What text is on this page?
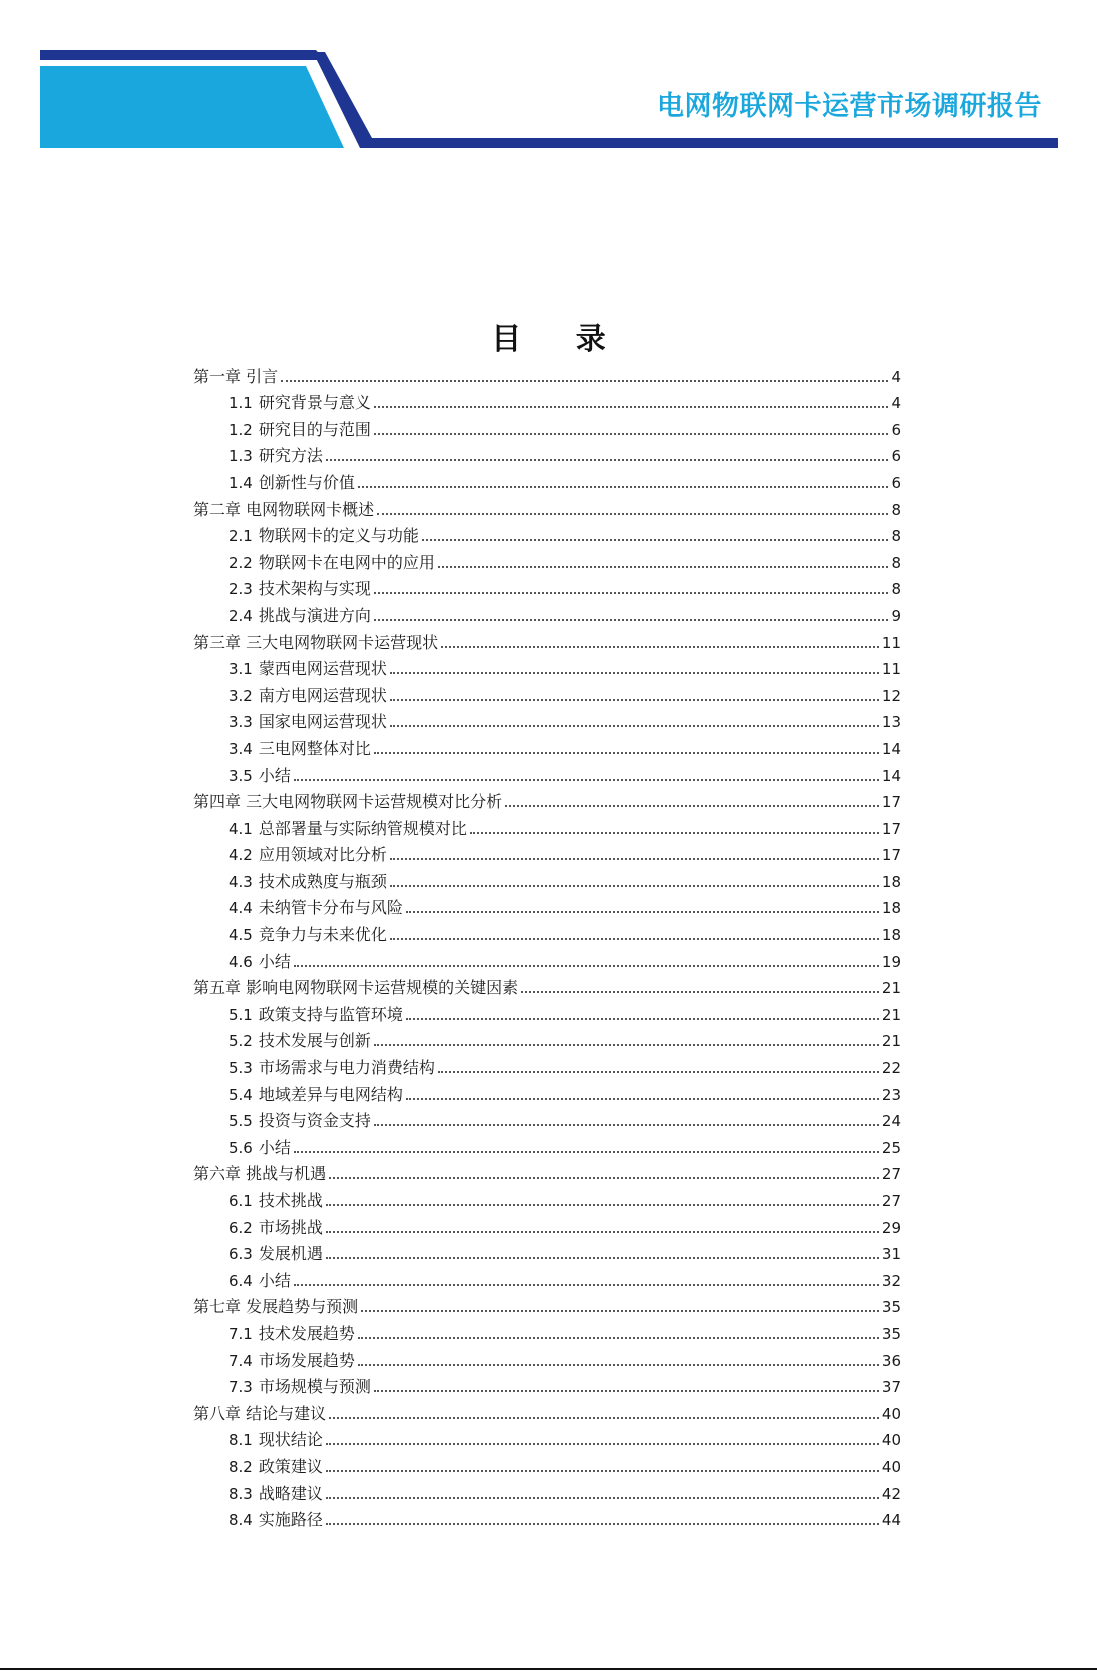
电网物联网卡运营市场调研报告
目 录
第一章 引言	4
1.1 研究背景与意义	4
1.2 研究目的与范围	6
1.3 研究方法	6
1.4 创新性与价值	6
第二章 电网物联网卡概述	8
2.1 物联网卡的定义与功能	8
2.2 物联网卡在电网中的应用	8
2.3 技术架构与实现	8
2.4 挑战与演进方向	9
第三章 三大电网物联网卡运营现状	11
3.1 蒙西电网运营现状	11
3.2 南方电网运营现状	12
3.3 国家电网运营现状	13
3.4 三电网整体对比	14
3.5 小结	14
第四章 三大电网物联网卡运营规模对比分析	17
4.1 总部署量与实际纳管规模对比	17
4.2 应用领域对比分析	17
4.3 技术成熟度与瓶颈	18
4.4 未纳管卡分布与风险	18
4.5 竞争力与未来优化	18
4.6 小结	19
第五章 影响电网物联网卡运营规模的关键因素	21
5.1 政策支持与监管环境	21
5.2 技术发展与创新	21
5.3 市场需求与电力消费结构	22
5.4 地域差异与电网结构	23
5.5 投资与资金支持	24
5.6 小结	25
第六章 挑战与机遇	27
6.1 技术挑战	27
6.2 市场挑战	29
6.3 发展机遇	31
6.4 小结	32
第七章 发展趋势与预测	35
7.1 技术发展趋势	35
7.4 市场发展趋势	36
7.3 市场规模与预测	37
第八章 结论与建议	40
8.1 现状结论	40
8.2 政策建议	40
8.3 战略建议	42
8.4 实施路径	44
